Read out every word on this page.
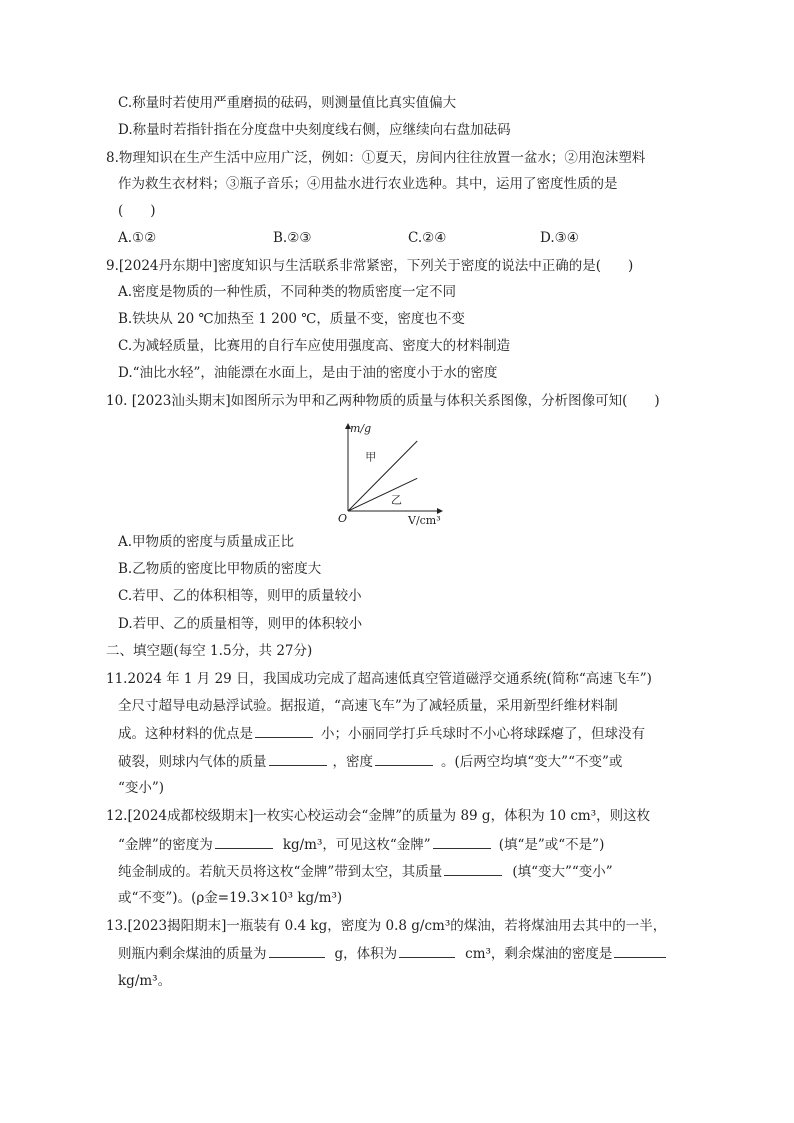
C.称量时若使用严重磨损的砝码，则测量值比真实值偏大
D.称量时若指针指在分度盘中央刻度线右侧，应继续向右盘加砝码
8.物理知识在生产生活中应用广泛，例如：①夏天，房间内往往放置一盆水；②用泡沫塑料
作为救生衣材料；③瓶子音乐；④用盐水进行农业选种。其中，运用了密度性质的是
(　　)
A.①②	B.②③	C.②④	D.③④
9.[2024丹东期中]密度知识与生活联系非常紧密，下列关于密度的说法中正确的是(　　)
A.密度是物质的一种性质，不同种类的物质密度一定不同
B.铁块从 20 ℃加热至 1 200 ℃，质量不变，密度也不变
C.为减轻质量，比赛用的自行车应使用强度高、密度大的材料制造
D.“油比水轻”，油能漂在水面上，是由于油的密度小于水的密度
10. [2023汕头期末]如图所示为甲和乙两种物质的质量与体积关系图像，分析图像可知(　　)
甲
乙
m/g
V/cm³
O
A.甲物质的密度与质量成正比
B.乙物质的密度比甲物质的密度大
C.若甲、乙的体积相等，则甲的质量较小
D.若甲、乙的质量相等，则甲的体积较小
二、填空题(每空 1.5分，共 27分)
11.2024 年 1 月 29 日，我国成功完成了超高速低真空管道磁浮交通系统(简称“高速飞车”)
全尺寸超导电动悬浮试验。据报道，“高速飞车”为了减轻质量，采用新型纤维材料制
成。这种材料的优点是	小；小丽同学打乒乓球时不小心将球踩瘪了，但球没有
破裂，则球内气体的质量	，密度	。(后两空均填“变大”“不变”或
“变小”)
12.[2024成都校级期末]一枚实心校运动会“金牌”的质量为 89 g，体积为 10 cm³，则这枚
“金牌”的密度为	kg/m³，可见这枚“金牌”	(填“是”或“不是”)
纯金制成的。若航天员将这枚“金牌”带到太空，其质量	(填“变大”“变小”
或“不变”)。(ρ金=19.3×10³ kg/m³)
13.[2023揭阳期末]一瓶装有 0.4 kg，密度为 0.8 g/cm³的煤油，若将煤油用去其中的一半，
则瓶内剩余煤油的质量为	g，体积为	cm³，剩余煤油的密度是
kg/m³。
